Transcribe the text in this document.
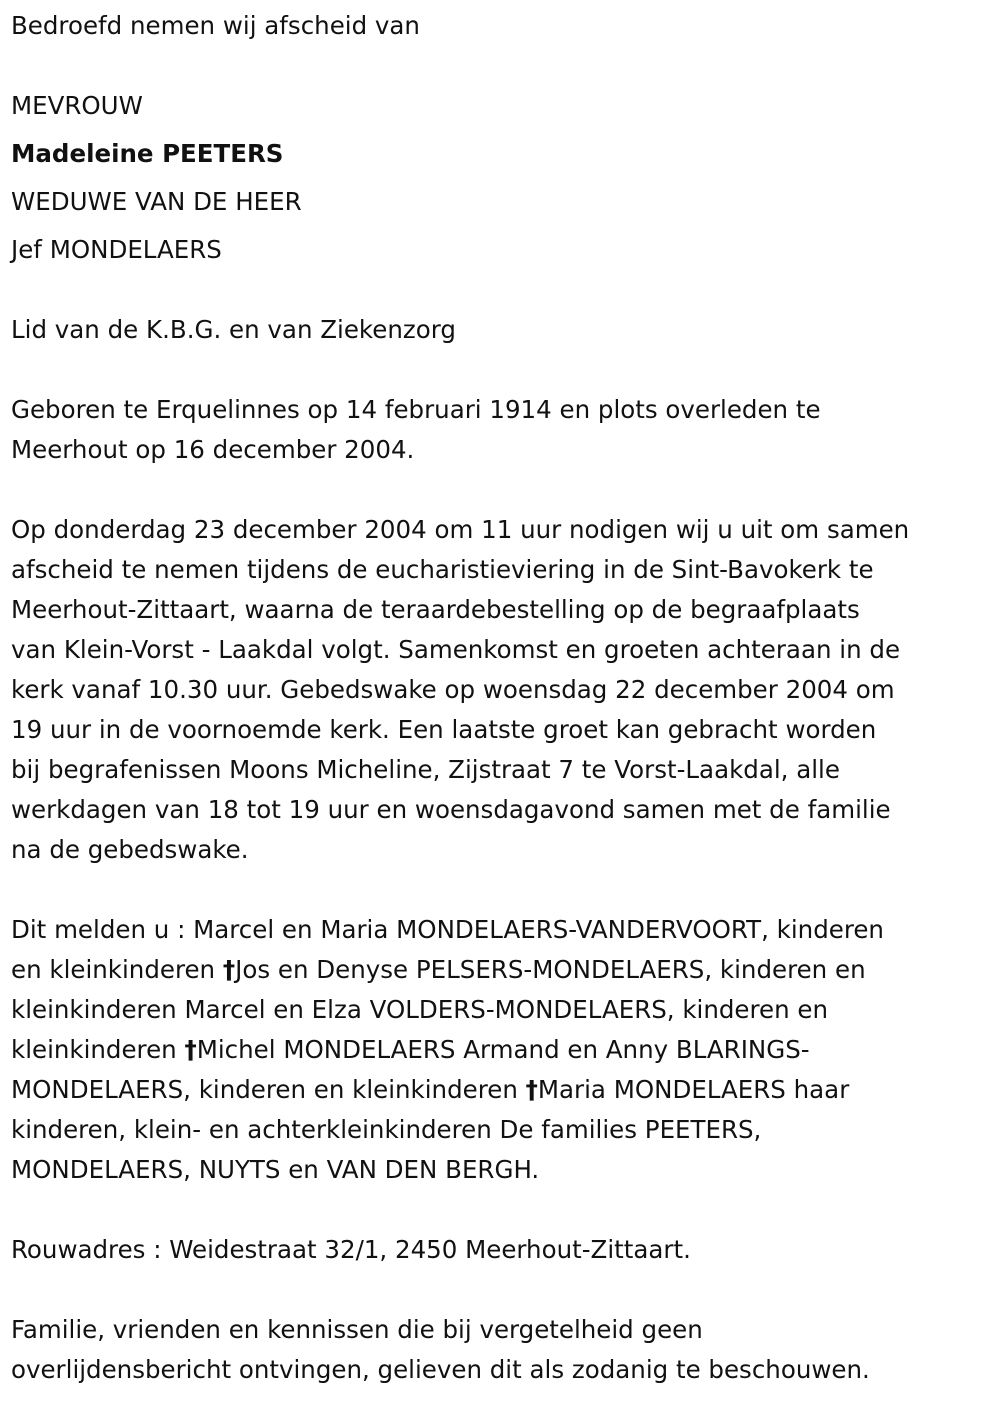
Bedroefd nemen wij afscheid van

MEVROUW

Madeleine PEETERS

WEDUWE VAN DE HEER

Jef MONDELAERS

Lid van de K.B.G. en van Ziekenzorg

Geboren te Erquelinnes op 14 februari 1914 en plots overleden te

Meerhout op 16 december 2004.

Op donderdag 23 december 2004 om 11 uur nodigen wij u uit om samen

afscheid te nemen tijdens de eucharistieviering in de Sint-Bavokerk te

Meerhout-Zittaart, waarna de teraardebestelling op de begraafplaats

van Klein-Vorst - Laakdal volgt. Samenkomst en groeten achteraan in de

kerk vanaf 10.30 uur. Gebedswake op woensdag 22 december 2004 om

19 uur in de voornoemde kerk. Een laatste groet kan gebracht worden

bij begrafenissen Moons Micheline, Zijstraat 7 te Vorst-Laakdal, alle

werkdagen van 18 tot 19 uur en woensdagavond samen met de familie

na de gebedswake.

Dit melden u : Marcel en Maria MONDELAERS-VANDERVOORT, kinderen

en kleinkinderen †Jos en Denyse PELSERS-MONDELAERS, kinderen en

kleinkinderen Marcel en Elza VOLDERS-MONDELAERS, kinderen en

kleinkinderen †Michel MONDELAERS Armand en Anny BLARINGS-

MONDELAERS, kinderen en kleinkinderen †Maria MONDELAERS haar

kinderen, klein- en achterkleinkinderen De families PEETERS,

MONDELAERS, NUYTS en VAN DEN BERGH.

Rouwadres : Weidestraat 32/1, 2450 Meerhout-Zittaart.

Familie, vrienden en kennissen die bij vergetelheid geen

overlijdensbericht ontvingen, gelieven dit als zodanig te beschouwen.
